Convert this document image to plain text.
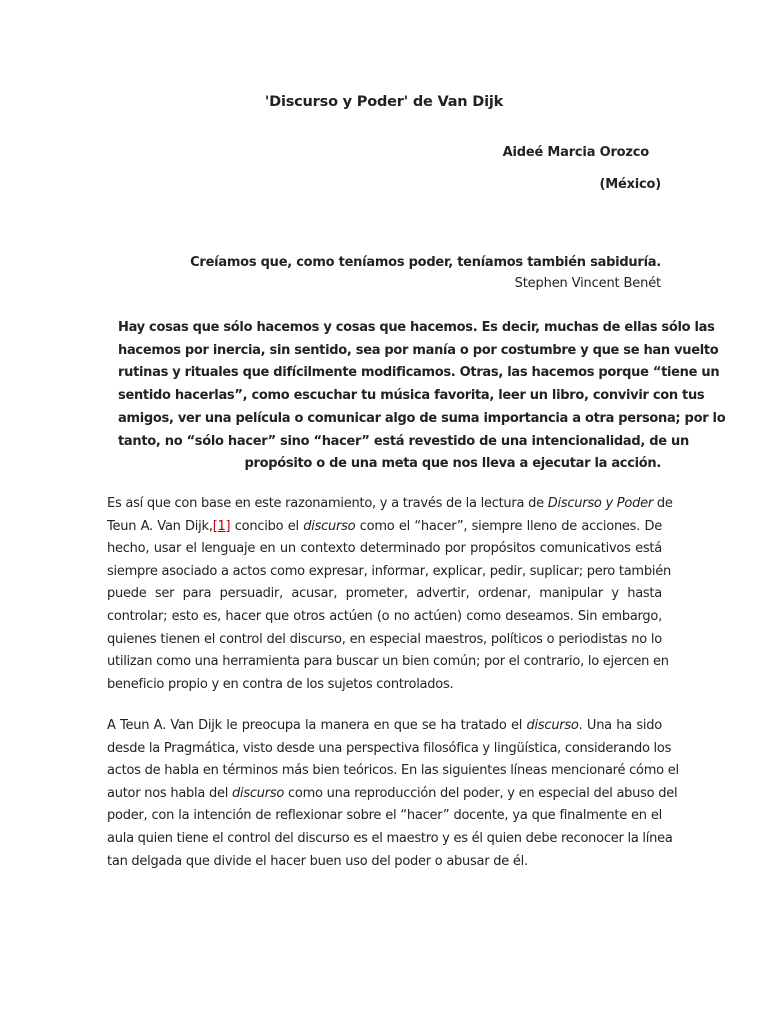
'Discurso y Poder' de Van Dijk
Aideé Marcia Orozco
(México)
Creíamos que, como teníamos poder, teníamos también sabiduría.
Stephen Vincent Benét
Hay cosas que sólo hacemos y cosas que hacemos. Es decir, muchas de ellas sólo las
hacemos por inercia, sin sentido, sea por manía o por costumbre y que se han vuelto
rutinas y rituales que difícilmente modificamos. Otras, las hacemos porque “tiene un
sentido hacerlas”, como escuchar tu música favorita, leer un libro, convivir con tus
amigos, ver una película o comunicar algo de suma importancia a otra persona; por lo
tanto, no “sólo hacer” sino “hacer” está revestido de una intencionalidad, de un
propósito o de una meta que nos lleva a ejecutar la acción.
Es así que con base en este razonamiento, y a través de la lectura de Discurso y Poder de
Teun A. Van Dijk,[1] concibo el discurso como el “hacer”, siempre lleno de acciones. De
hecho, usar el lenguaje en un contexto determinado por propósitos comunicativos está
siempre asociado a actos como expresar, informar, explicar, pedir, suplicar; pero también
puede ser para persuadir, acusar, prometer, advertir, ordenar, manipular y hasta
controlar; esto es, hacer que otros actúen (o no actúen) como deseamos. Sin embargo,
quienes tienen el control del discurso, en especial maestros, políticos o periodistas no lo
utilizan como una herramienta para buscar un bien común; por el contrario, lo ejercen en
beneficio propio y en contra de los sujetos controlados.
A Teun A. Van Dijk le preocupa la manera en que se ha tratado el discurso. Una ha sido
desde la Pragmática, visto desde una perspectiva filosófica y lingüística, considerando los
actos de habla en términos más bien teóricos. En las siguientes líneas mencionaré cómo el
autor nos habla del discurso como una reproducción del poder, y en especial del abuso del
poder, con la intención de reflexionar sobre el “hacer” docente, ya que finalmente en el
aula quien tiene el control del discurso es el maestro y es él quien debe reconocer la línea
tan delgada que divide el hacer buen uso del poder o abusar de él.
